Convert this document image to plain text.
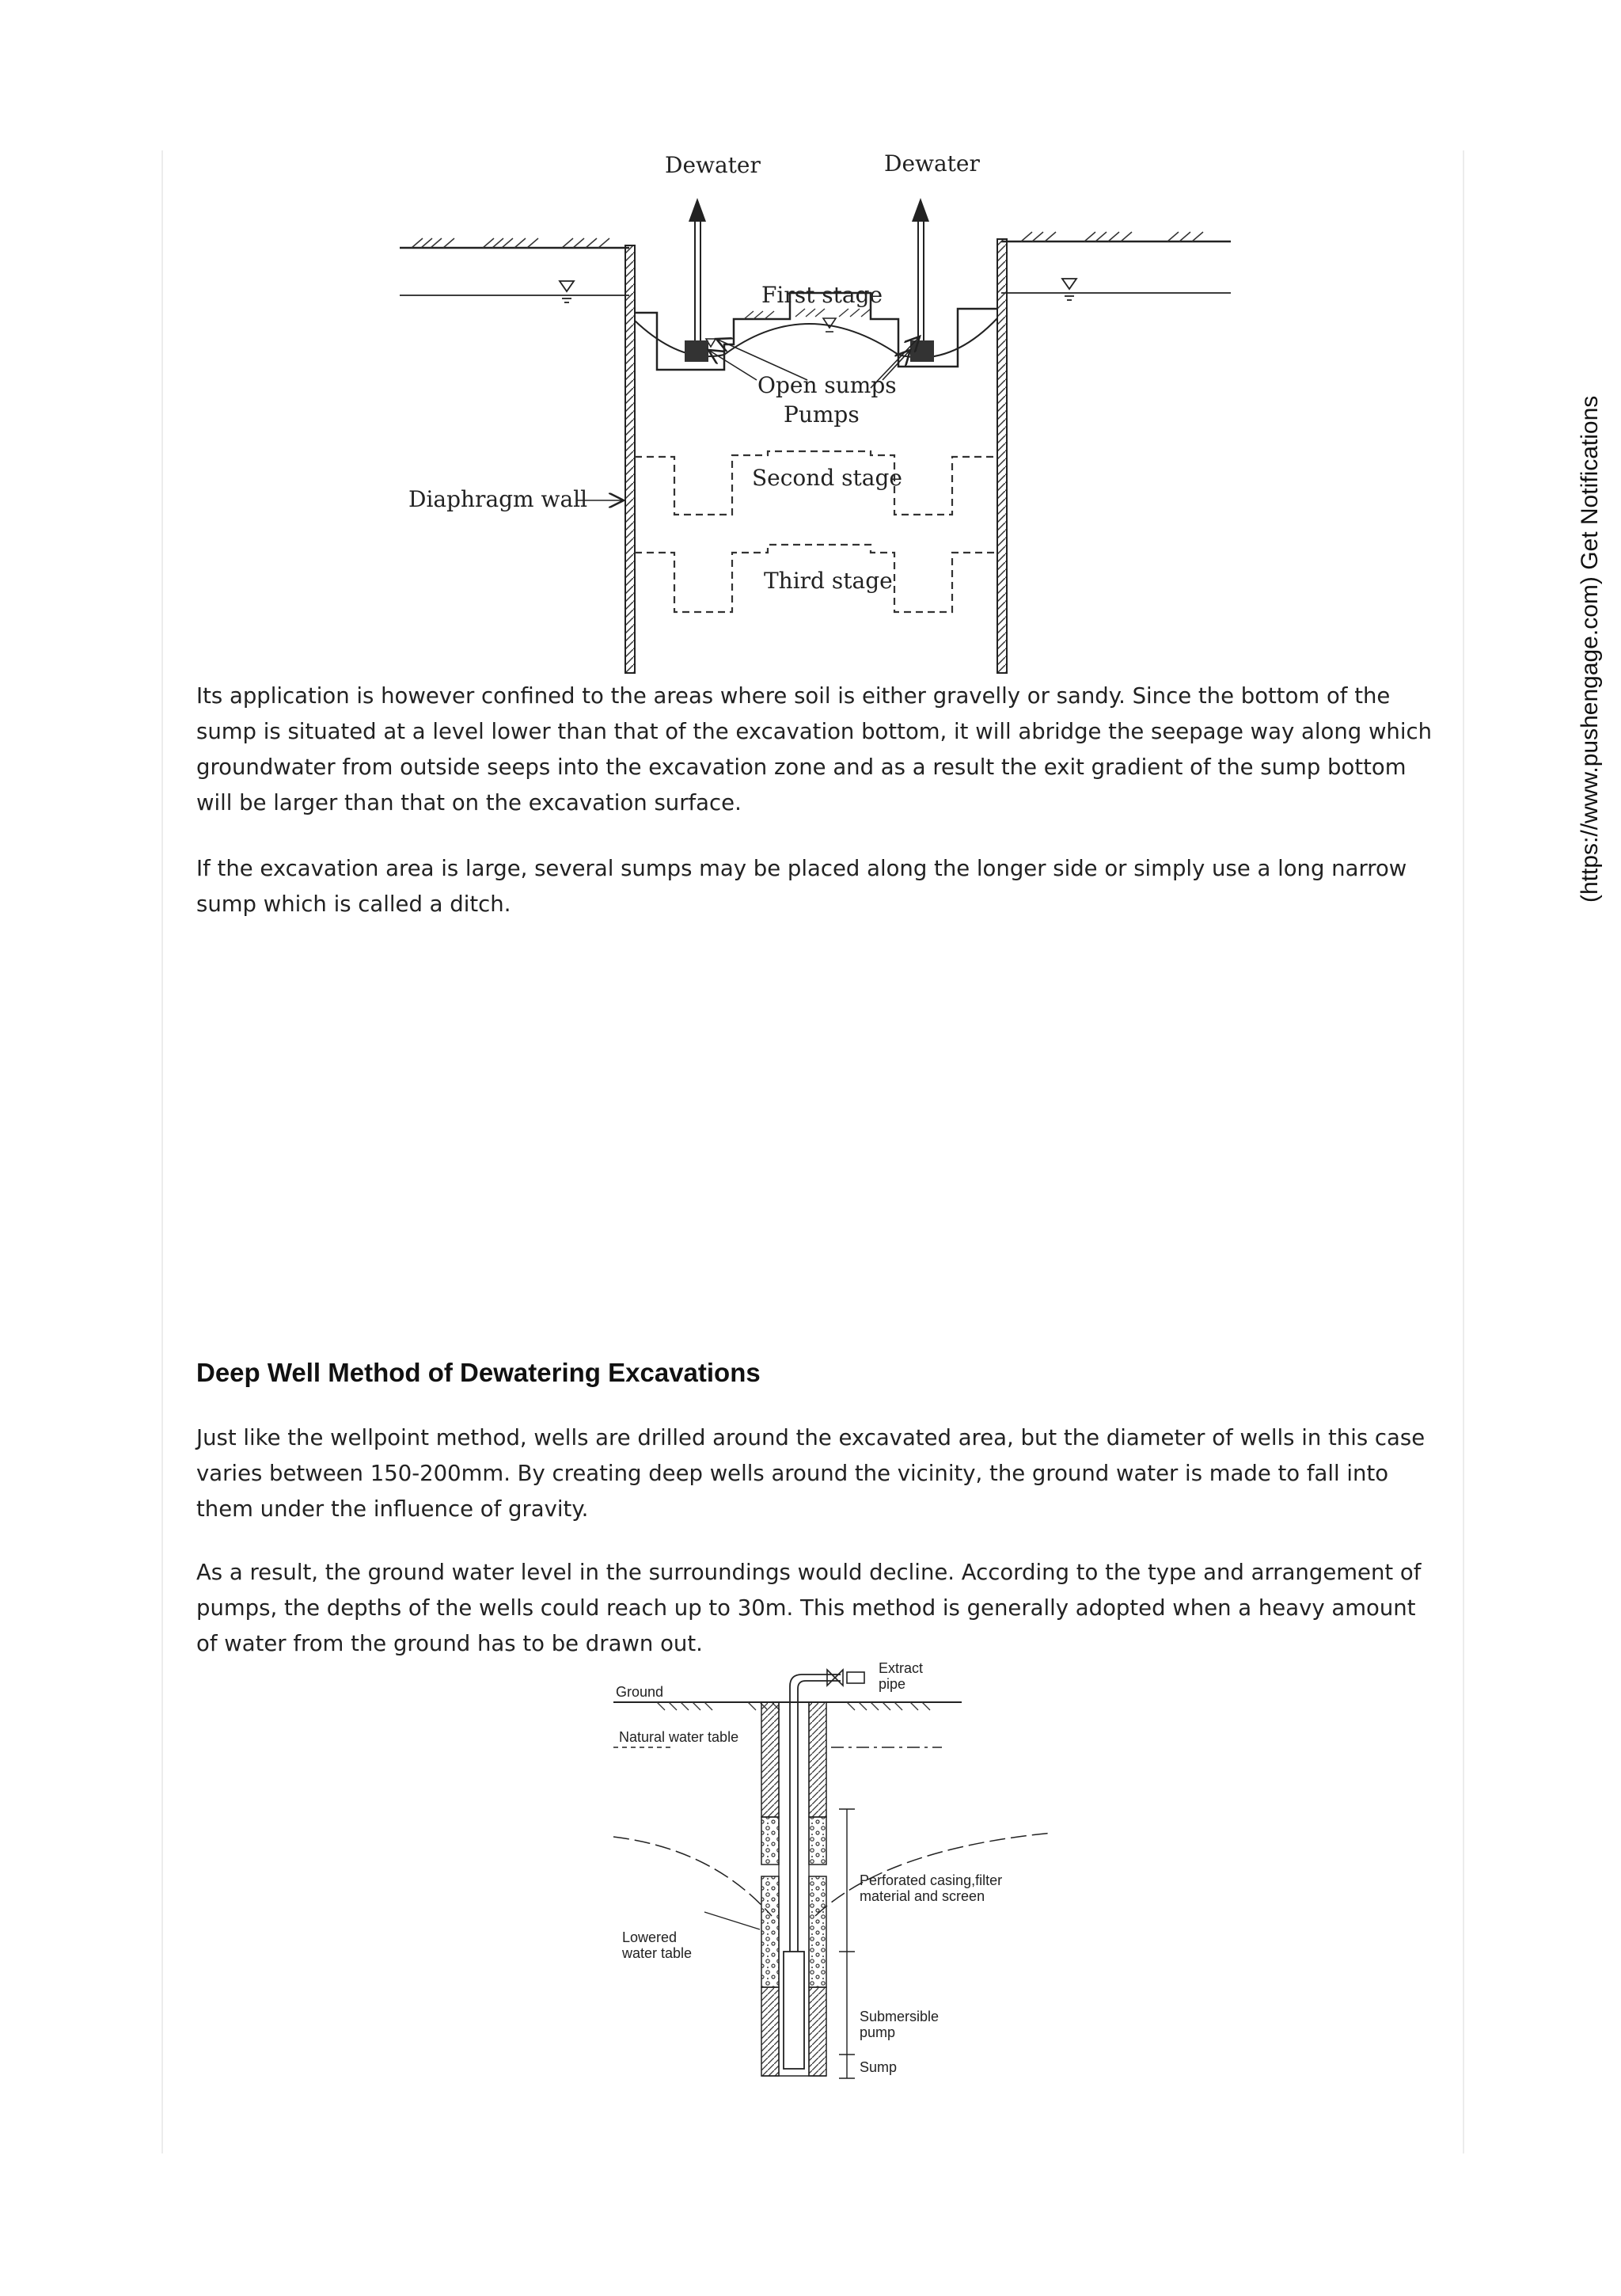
Dewater	Dewater
First stage
Open sumps
Pumps
Second stage
Diaphragm wall
Third stage

Its application is however confined to the areas where soil is either gravelly or sandy. Since the bottom of the sump is situated at a level lower than that of the excavation bottom, it will abridge the seepage way along which groundwater from outside seeps into the excavation zone and as a result the exit gradient of the sump bottom will be larger than that on the excavation surface.

If the excavation area is large, several sumps may be placed along the longer side or simply use a long narrow sump which is called a ditch.

Deep Well Method of Dewatering Excavations

Just like the wellpoint method, wells are drilled around the excavated area, but the diameter of wells in this case varies between 150-200mm. By creating deep wells around the vicinity, the ground water is made to fall into them under the influence of gravity.

As a result, the ground water level in the surroundings would decline. According to the type and arrangement of pumps, the depths of the wells could reach up to 30m. This method is generally adopted when a heavy amount of water from the ground has to be drawn out.

Ground
Extract
pipe
Natural water table
Perforated casing,filter
material and screen
Lowered
water table
Submersible
pump
Sump
(https://www.pushengage.com) Get Notifications
